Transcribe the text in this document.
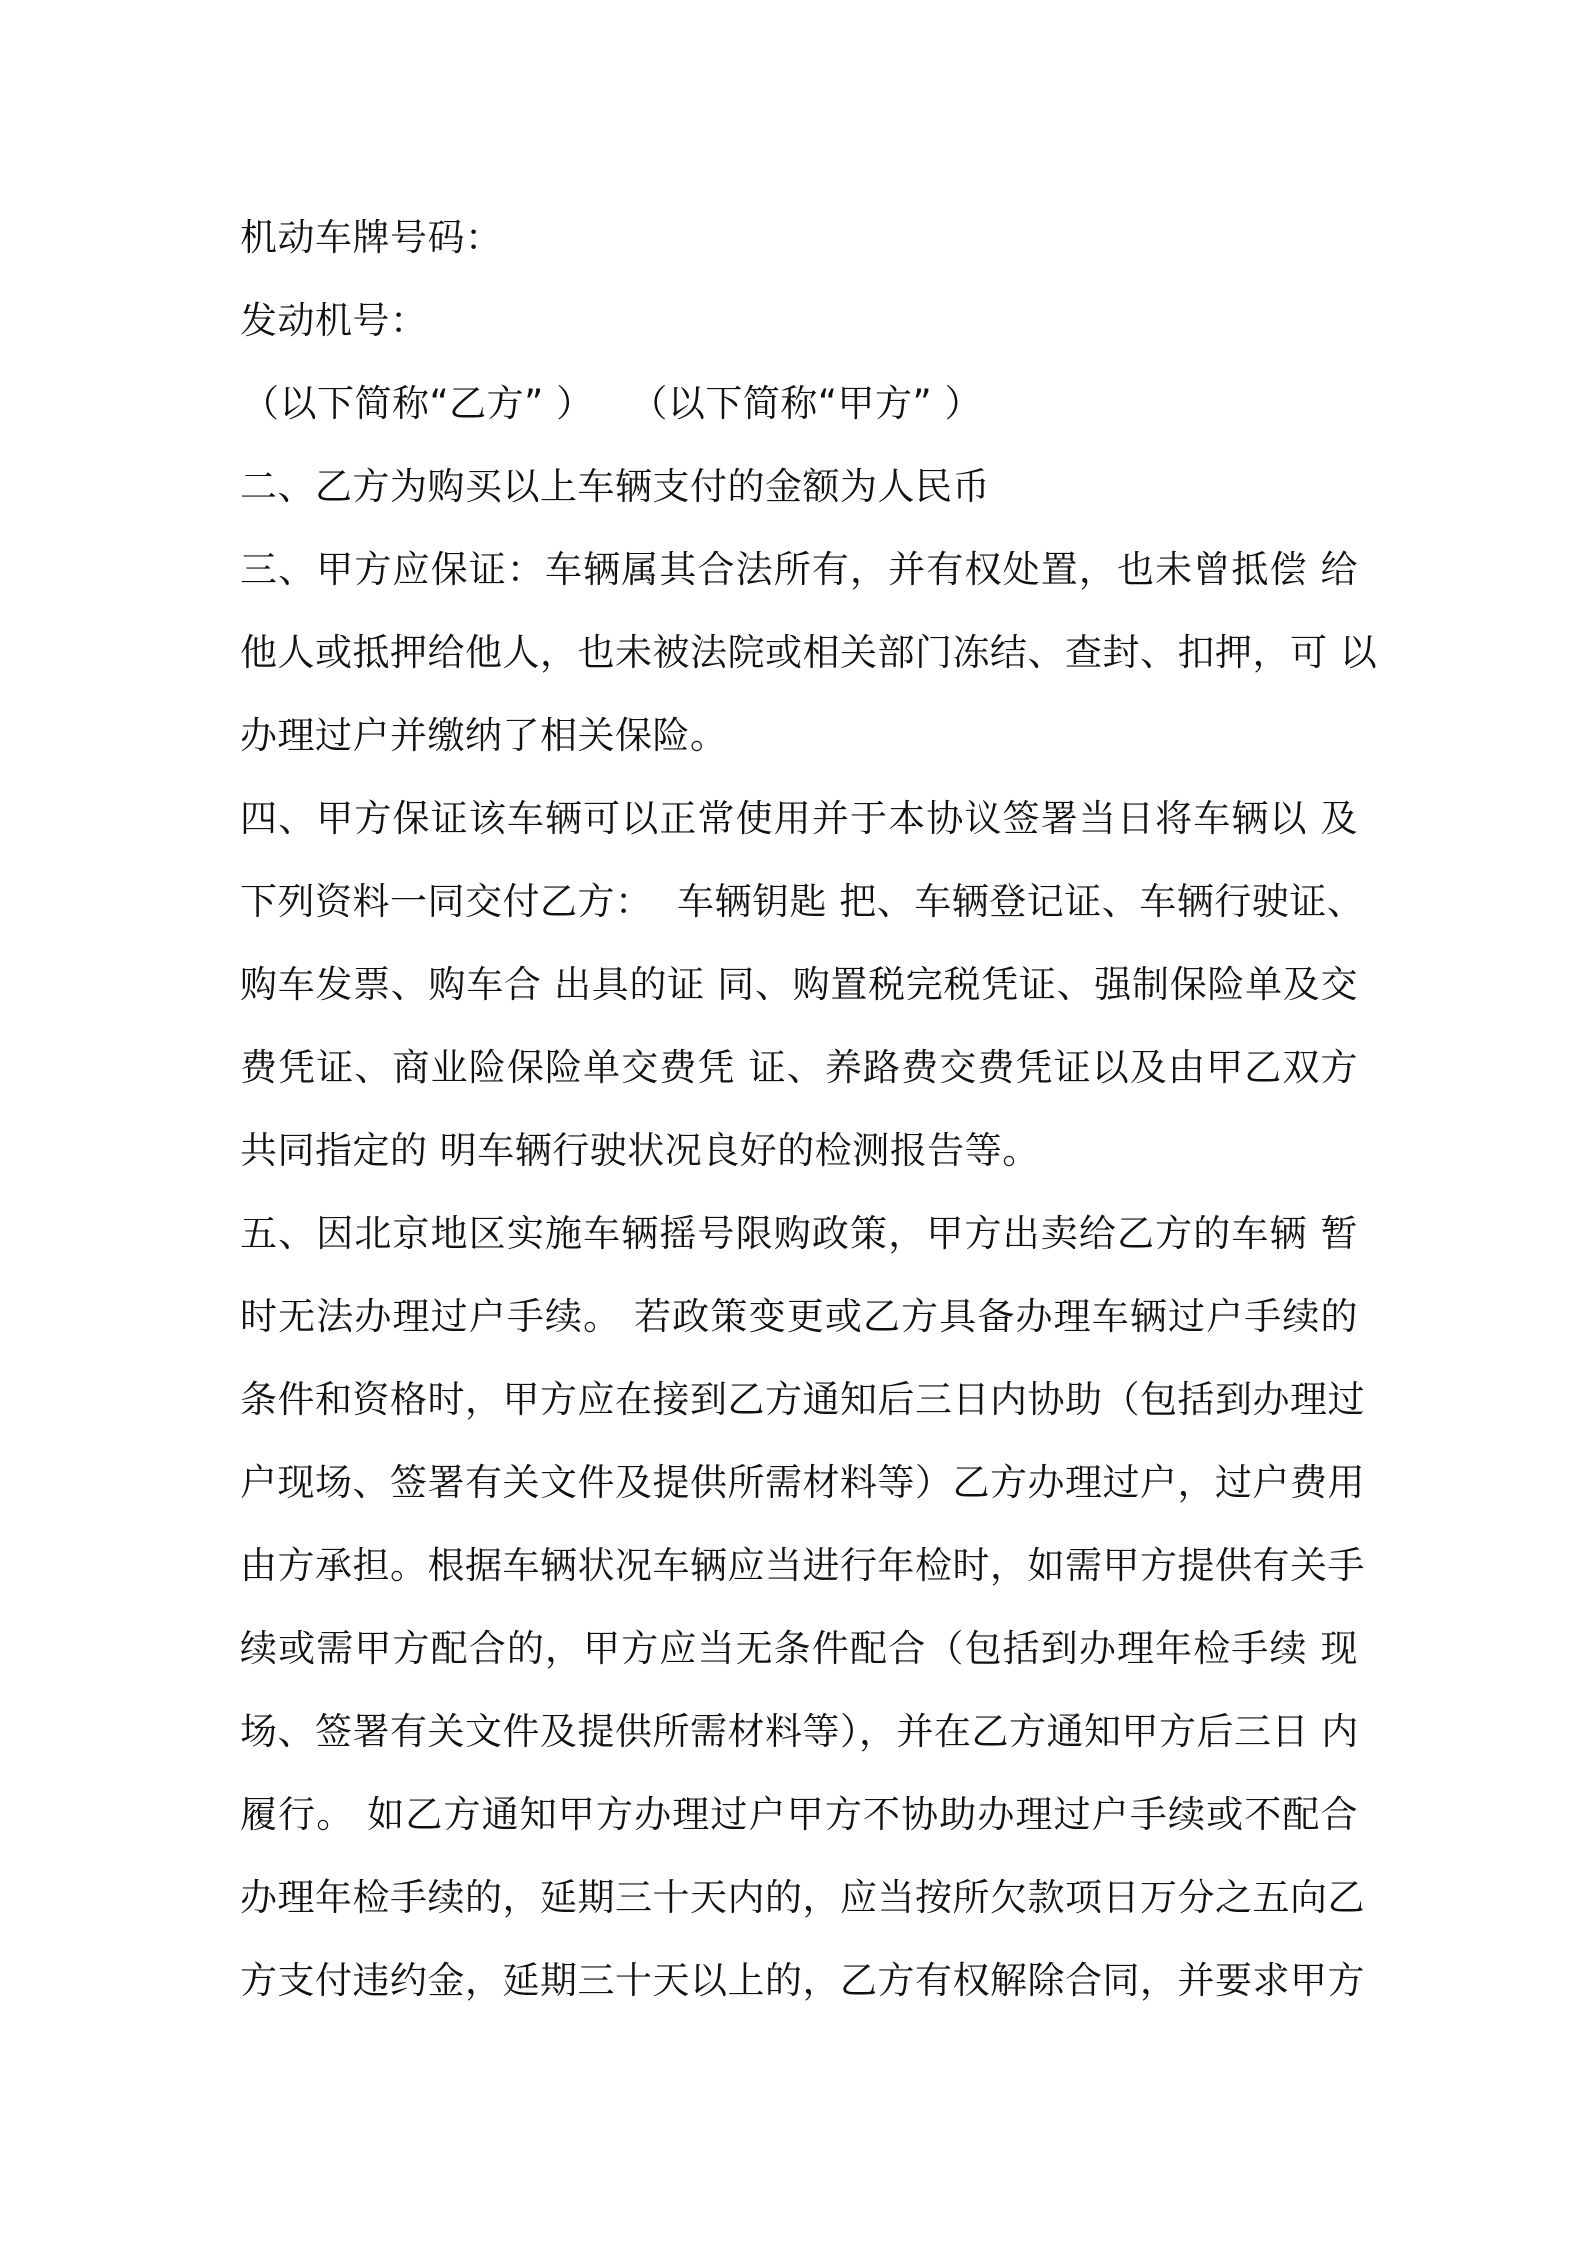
机动车牌号码：
发动机号：
（以下简称“乙方” ）   （以下简称“甲方” ）
二、乙方为购买以上车辆支付的金额为人民币
三、甲方应保证：车辆属其合法所有，并有权处置，也未曾抵偿 给
他人或抵押给他人，也未被法院或相关部门冻结、查封、扣押，可 以
办理过户并缴纳了相关保险。
四、甲方保证该车辆可以正常使用并于本协议签署当日将车辆以 及
下列资料一同交付乙方：  车辆钥匙 把、车辆登记证、车辆行驶证、
购车发票、购车合 出具的证 同、购置税完税凭证、强制保险单及交
费凭证、商业险保险单交费凭 证、养路费交费凭证以及由甲乙双方
共同指定的 明车辆行驶状况良好的检测报告等。
五、因北京地区实施车辆摇号限购政策，甲方出卖给乙方的车辆 暂
时无法办理过户手续。 若政策变更或乙方具备办理车辆过户手续的
条件和资格时，甲方应在接到乙方通知后三日内协助（包括到办理过
户现场、签署有关文件及提供所需材料等）乙方办理过户，过户费用
由方承担。根据车辆状况车辆应当进行年检时，如需甲方提供有关手
续或需甲方配合的，甲方应当无条件配合（包括到办理年检手续 现
场、签署有关文件及提供所需材料等），并在乙方通知甲方后三日 内
履行。 如乙方通知甲方办理过户甲方不协助办理过户手续或不配合
办理年检手续的，延期三十天内的，应当按所欠款项日万分之五向乙
方支付违约金，延期三十天以上的，乙方有权解除合同，并要求甲方
